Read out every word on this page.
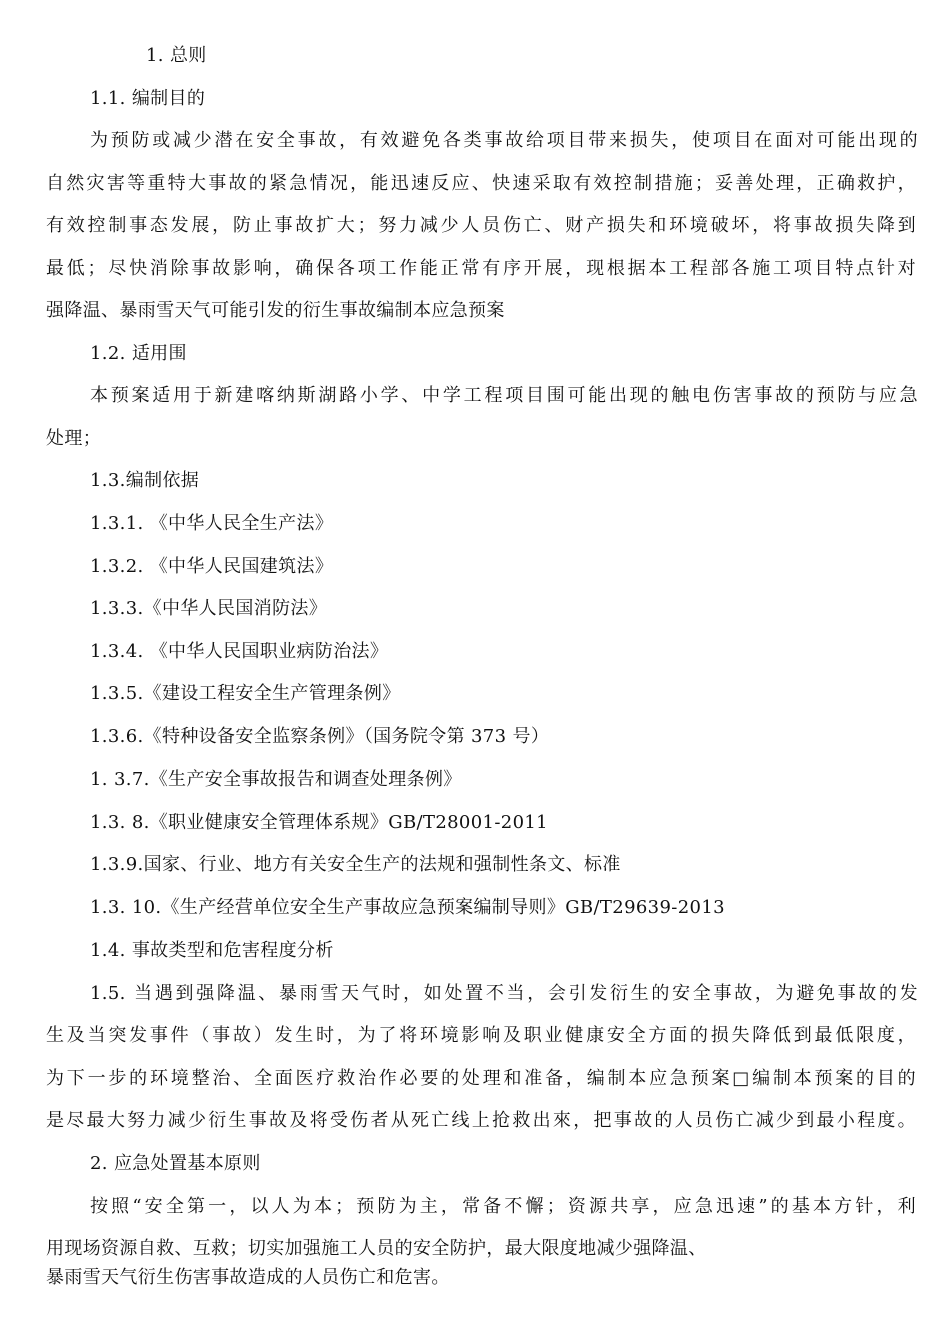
1. 总则

1.1. 编制目的

为预防或减少潜在安全事故，有效避免各类事故给项目带来损失，使项目在面对可能出现的

自然灾害等重特大事故的紧急情况，能迅速反应、快速采取有效控制措施；妥善处理，正确救护，

有效控制事态发展，防止事故扩大；努力减少人员伤亡、财产损失和环境破坏，将事故损失降到

最低；尽快消除事故影响，确保各项工作能正常有序开展，现根据本工程部各施工项目特点针对

强降温、暴雨雪天气可能引发的衍生事故编制本应急预案

1.2. 适用围

本预案适用于新建喀纳斯湖路小学、中学工程项目围可能出现的触电伤害事故的预防与应急

处理；

1.3.编制依据

1.3.1. 《中华人民全生产法》

1.3.2. 《中华人民国建筑法》

1.3.3.《中华人民国消防法》

1.3.4. 《中华人民国职业病防治法》

1.3.5.《建设工程安全生产管理条例》

1.3.6.《特种设备安全监察条例》（国务院令第 373 号）

1. 3.7.《生产安全事故报告和调查处理条例》

1.3. 8.《职业健康安全管理体系规》GB/T28001-2011

1.3.9.国家、行业、地方有关安全生产的法规和强制性条文、标准

1.3. 10.《生产经营单位安全生产事故应急预案编制导则》GB/T29639-2013

1.4. 事故类型和危害程度分析

1.5. 当遇到强降温、暴雨雪天气时，如处置不当，会引发衍生的安全事故，为避免事故的发

生及当突发事件（事故）发生时，为了将环境影响及职业健康安全方面的损失降低到最低限度，

为下一步的环境整治、全面医疗救治作必要的处理和准备，编制本应急预案□编制本预案的目的

是尽最大努力减少衍生事故及将受伤者从死亡线上抢救出來，把事故的人员伤亡减少到最小程度。

2. 应急处置基本原则

按照“安全第一，以人为本；预防为主，常备不懈；资源共享，应急迅速”的基本方针，利

用现场资源自救、互救；切实加强施工人员的安全防护，最大限度地减少强降温、

暴雨雪天气衍生伤害事故造成的人员伤亡和危害。
